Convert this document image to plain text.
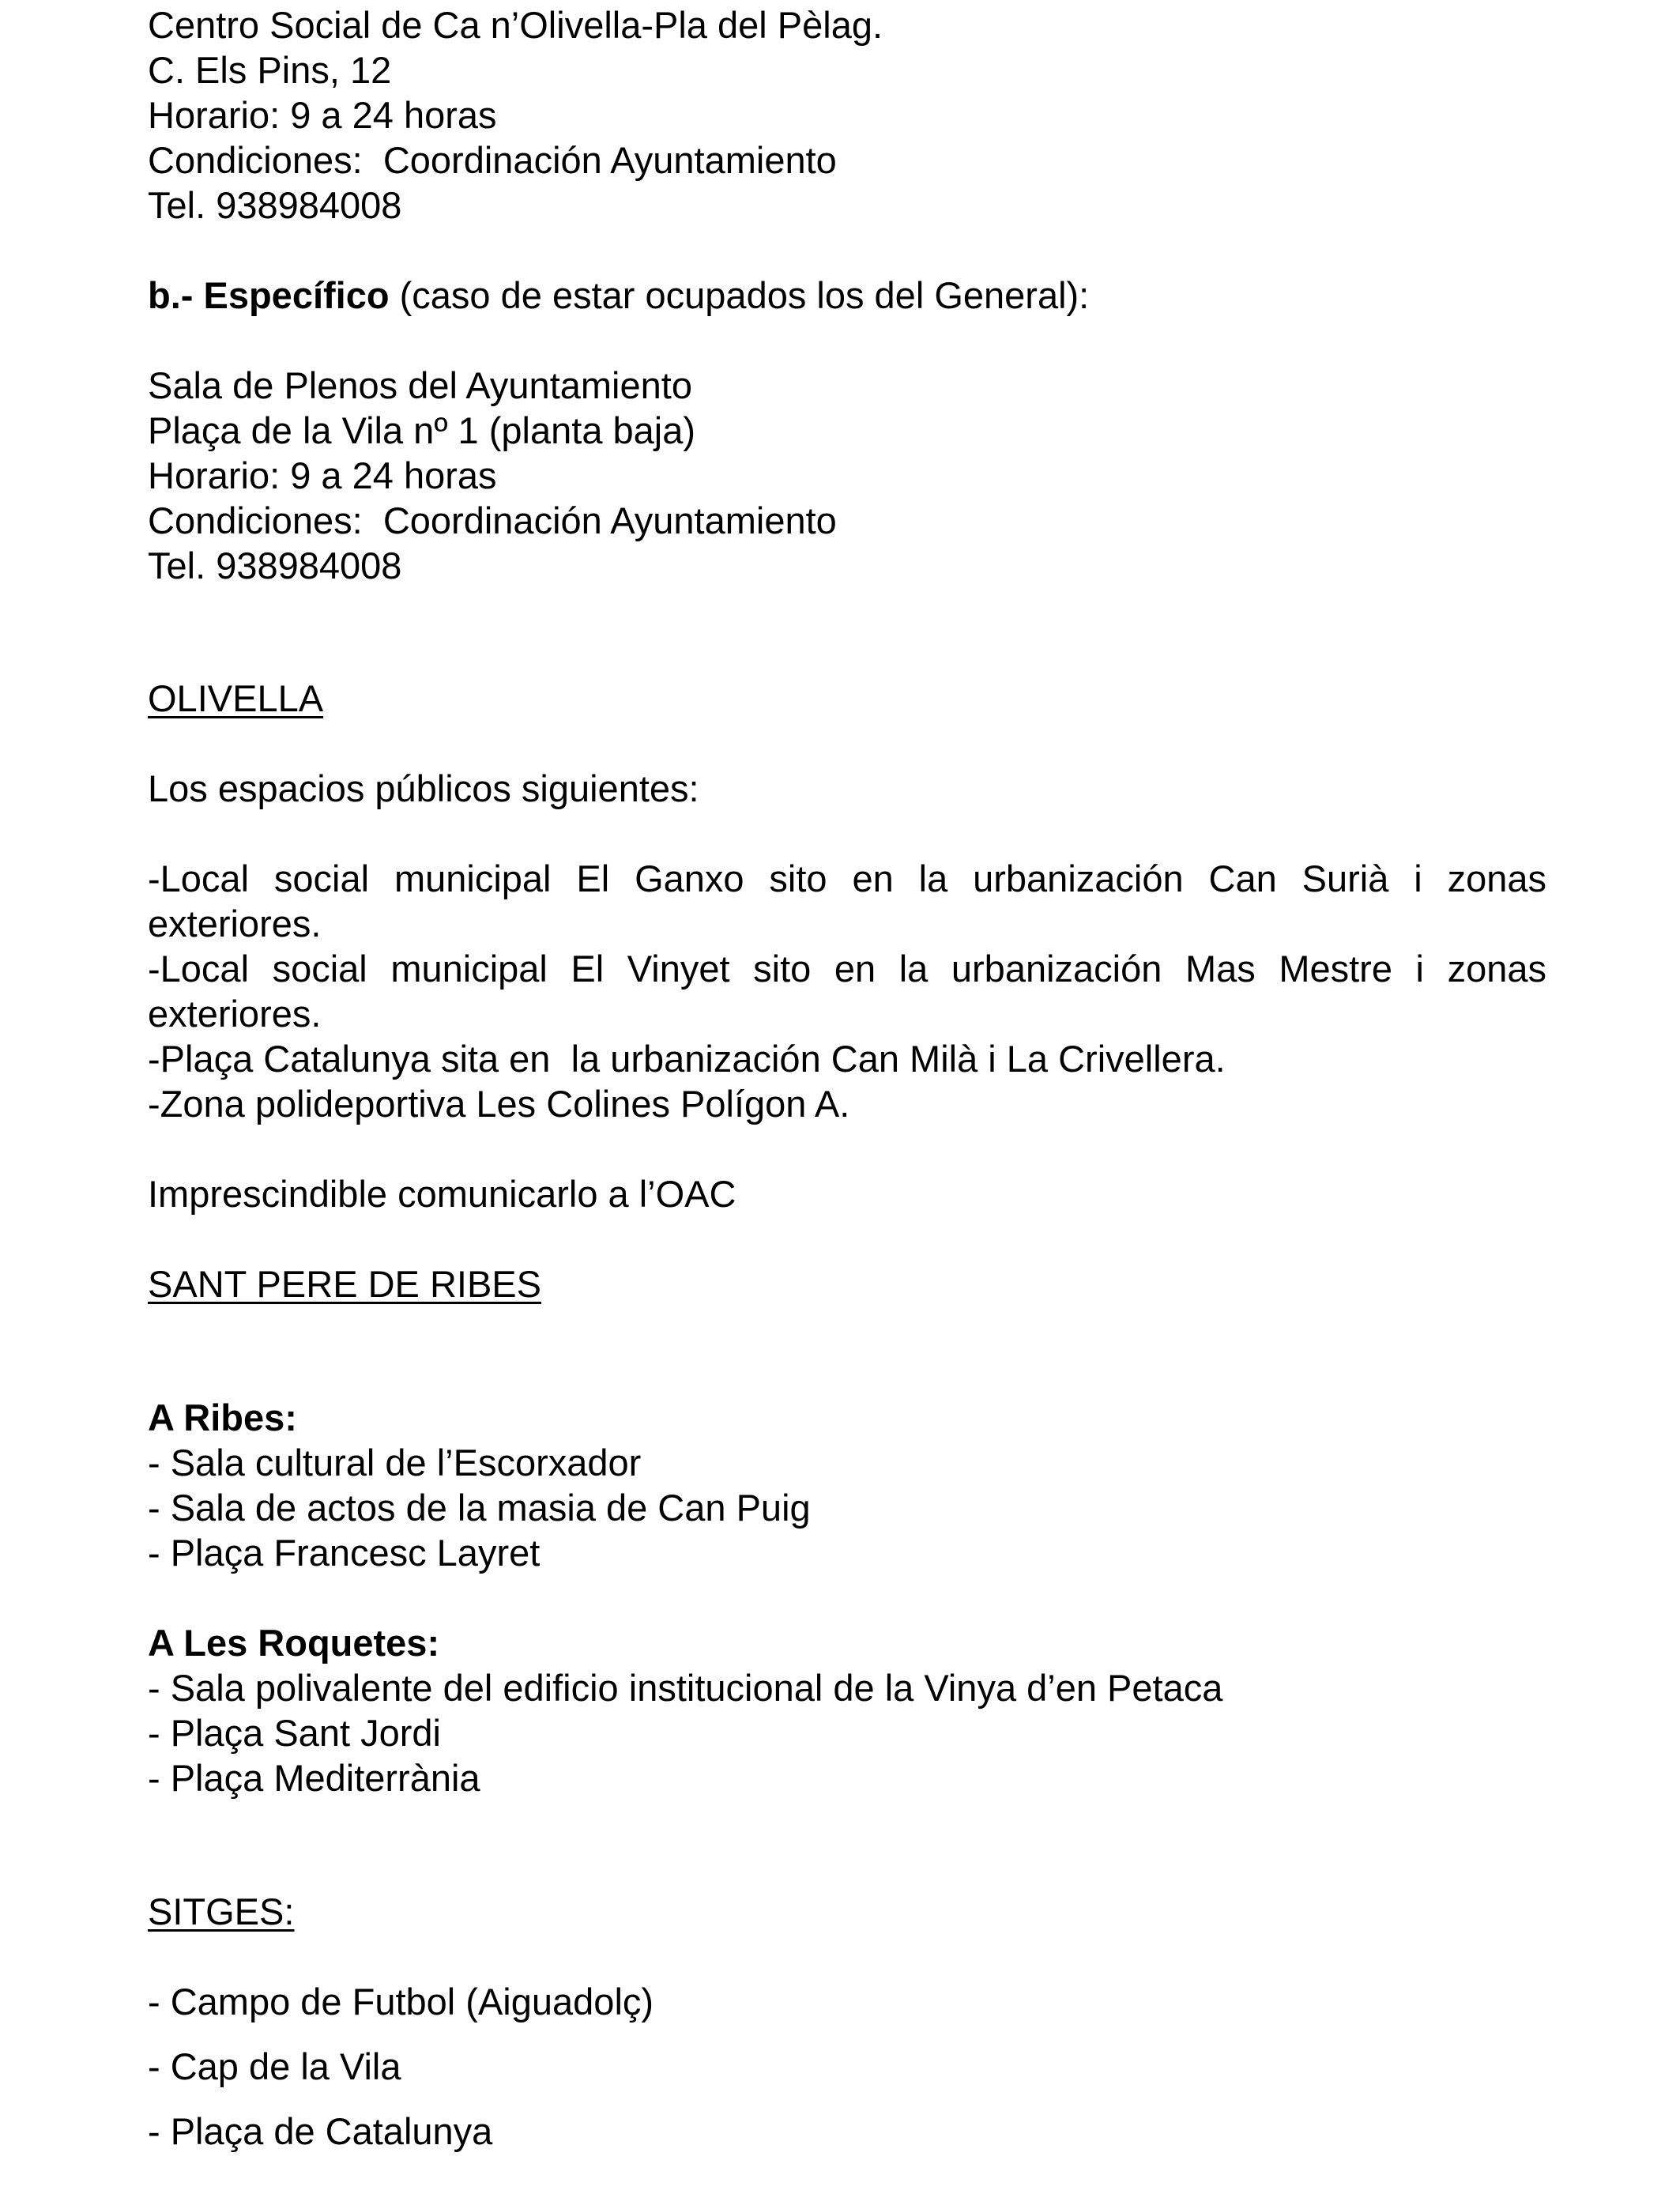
Centro Social de Ca n’Olivella-Pla del Pèlag.
C. Els Pins, 12
Horario: 9 a 24 horas
Condiciones:  Coordinación Ayuntamiento
Tel. 938984008
b.- Específico (caso de estar ocupados los del General):
Sala de Plenos del Ayuntamiento
Plaça de la Vila nº 1 (planta baja)
Horario: 9 a 24 horas
Condiciones:  Coordinación Ayuntamiento
Tel. 938984008
OLIVELLA
Los espacios públicos siguientes:
-Local social municipal El Ganxo sito en la urbanización Can Surià i zonas
exteriores.
-Local social municipal El Vinyet sito en la urbanización Mas Mestre i zonas
exteriores.
-Plaça Catalunya sita en  la urbanización Can Milà i La Crivellera.
-Zona polideportiva Les Colines Polígon A.
Imprescindible comunicarlo a l’OAC
SANT PERE DE RIBES
A Ribes:
- Sala cultural de l’Escorxador
- Sala de actos de la masia de Can Puig
- Plaça Francesc Layret
A Les Roquetes:
- Sala polivalente del edificio institucional de la Vinya d’en Petaca
- Plaça Sant Jordi
- Plaça Mediterrània
SITGES:
- Campo de Futbol (Aiguadolç)
- Cap de la Vila
- Plaça de Catalunya
